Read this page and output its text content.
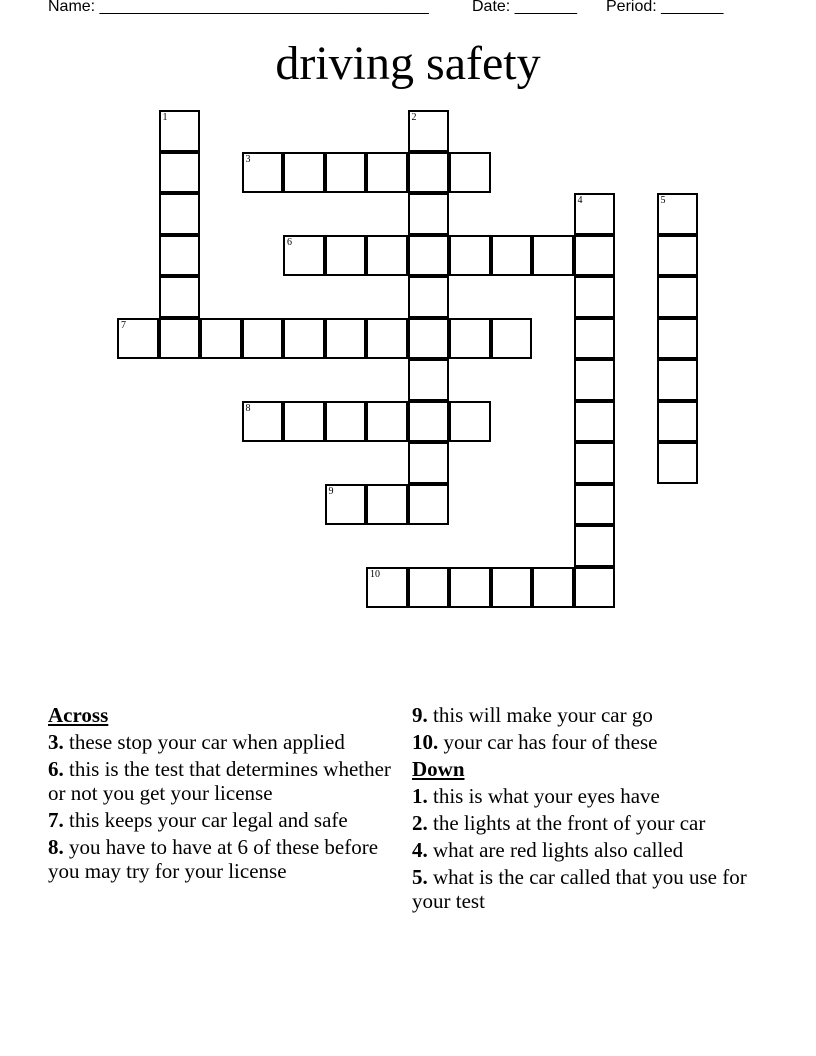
Name: _____________________________________

	Date: _______

Period: _______

driving safety
1	2
3
4	5
6
7
8
9
10
Across
3. these stop your car when applied
6. this is the test that determines whether or not you get your license
7. this keeps your car legal and safe
8. you have to have at 6 of these before you may try for your license
9. this will make your car go
10. your car has four of these
Down
1. this is what your eyes have
2. the lights at the front of your car
4. what are red lights also called
5. what is the car called that you use for your test
